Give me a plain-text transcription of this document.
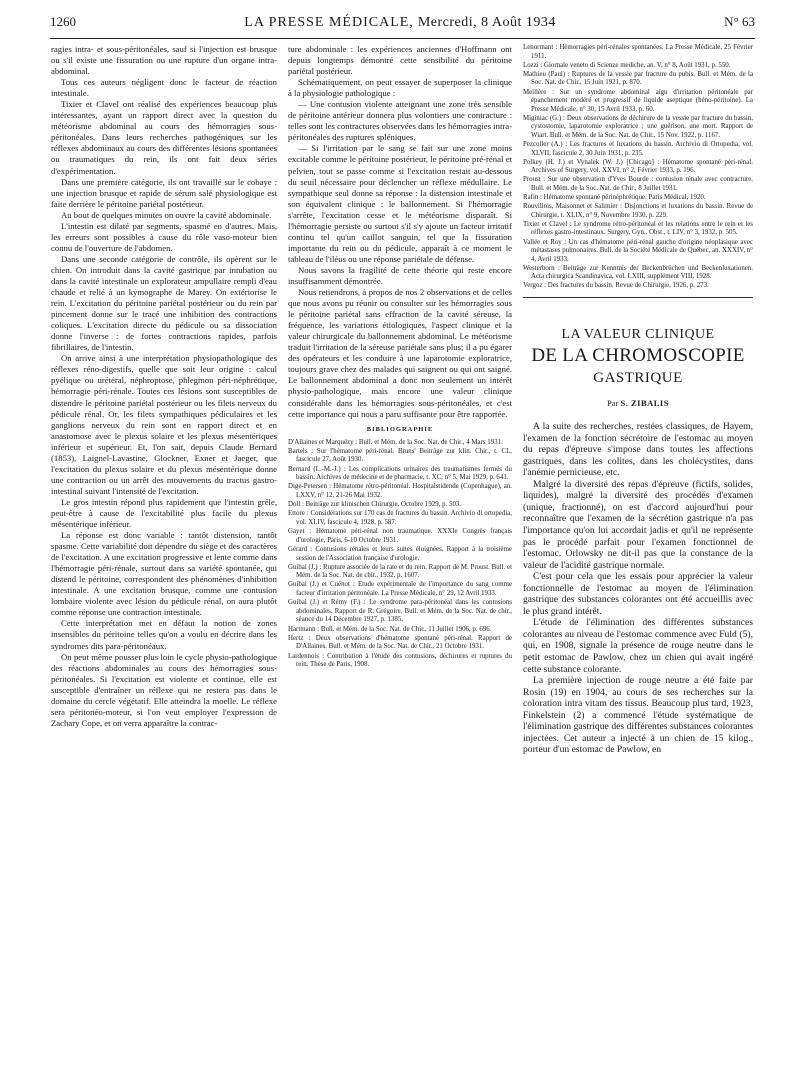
1260	LA PRESSE MÉDICALE, Mercredi, 8 Août 1934	N° 63

ragies intra- et sous-péritonéales, sauf si l'injection est brusque ou s'il existe une fissuration ou une rupture d'un organe intra-abdominal.

Tous ces auteurs négligent donc le facteur de réaction intestinale.

Tixier et Clavel ont réalisé des expériences beaucoup plus intéressantes, ayant un rapport direct avec la question du météorisme abdominal au cours des hémorragies sous-péritonéales. Dans leurs recherches pathogéniques sur les réflexes abdominaux au cours des différentes lésions spontanées ou traumatiques du rein, ils ont fait deux séries d'expérimentation.

Dans une première catégorie, ils ont travaillé sur le cobaye : une injection brusque et rapide de sérum salé physiologique est faite derrière le péritoine pariétal postérieur.

Au bout de quelques minutes on ouvre la cavité abdominale.

L'intestin est dilaté par segments, spasmé en d'autres. Mais, les erreurs sont possibles à cause du rôle vaso-moteur bien connu de l'ouverture de l'abdomen.

Dans une seconde catégorie de contrôle, ils opèrent sur le chien. On introduit dans la cavité gastrique par intubation ou dans la cavité intestinale un explorateur ampullaire rempli d'eau chaude et relié à un kymographe de Marey. On extériorise le rein. L'excitation du péritoine pariétal postérieur ou du rein par pincement donne sur le tracé une inhibition des contractions coliques. L'excitation directe du pédicule ou sa dissociation donne l'inverse : de fortes contractions rapides, parfois fibrillaires, de l'intestin.

On arrive ainsi à une interprétation physiopathologique des réflexes réno-digestifs, quelle que soit leur origine : calcul pyélique ou urétéral, néphroptose, phlegmon péri-néphrétique, hémorragie péri-rénale. Toutes ces lésions sont susceptibles de distendre le péritoine pariétal postérieur ou les filets nerveux du pédicule rénal. Or, les filets sympathiques pédiculaires et les ganglions nerveux du rein sont en rapport direct et en anastomose avec le plexus solaire et les plexus mésentériques inférieur et supérieur. Et, l'on sait, depuis Claude Bernard (1853), Laignel-Lavastine, Glockner, Exner et Jaeger, que l'excitation du plexus solaire et du plexus mésentérique donne une contraction ou un arrêt des mouvements du tractus gastro-intestinal suivant l'intensité de l'excitation.

Le gros intestin répond plus rapidement que l'intestin grêle, peut-être à cause de l'excitabilité plus facile du plexus mésentérique inférieur.

La réponse est donc variable : tantôt distension, tantôt spasme. Cette variabilité doit dépendre du siège et des caractères de l'excitation. A une excitation progressive et lente comme dans l'hémorragie péri-rénale, surtout dans sa variété spontanée, qui distend le péritoine, correspondent des phénomènes d'inhibition intestinale. A une excitation brusque, comme une contusion lombaire violente avec lésion du pédicule rénal, on aura plutôt comme réponse une contraction intestinale.

Cette interprétation met en défaut la notion de zones insensibles du péritoine telles qu'on a voulu en décrire dans les syndromes dits para-péritonéaux.

On peut même pousser plus loin le cycle physio-pathologique des réactions abdominales au cours des hémorragies sous-péritonéales. Si l'excitation est violente et continue, elle est susceptible d'entraîner un réflexe qui ne restera pas dans le domaine du cercle végétatif. Elle atteindra la moelle. Le réflexe sera péritonéo-moteur, si l'on veut employer l'expression de Zachary Cope, et on verra apparaître la contrac-

ture abdominale : les expériences anciennes d'Hoffmann ont depuis longtemps démontré cette sensibilité du péritoine pariétal postérieur.

Schématiquement, on peut essayer de superposer la clinique à la physiologie pathologique :

— Une contusion violente atteignant une zone très sensible de péritoine antérieur donnera plus volontiers une contracture : telles sont les contractures observées dans les hémorragies intra-péritonéales des ruptures spléniques.

— Si l'irritation par le sang se fait sur une zone moins excitable comme le péritoine postérieur, le péritoine pré-rénal et pelvien, tout se passe comme si l'excitation restait au-dessous du seuil nécessaire pour déclencher un réflexe médullaire. Le sympathique seul donne sa réponse : la distension intestinale et son équivalent clinique : le ballonnement. Si l'hémorragie s'arrête, l'excitation cesse et le météorisme disparaît. Si l'hémorragie persiste ou surtout s'il s'y ajoute un facteur irritatif continu tel qu'un caillot sanguin, tel que la fissuration importante du rein ou du pédicule, apparaît à ce moment le tableau de l'iléus ou une réponse pariétale de défense.

Nous savons la fragilité de cette théorie qui reste encore insuffisamment démontrée.

Nous retiendrons, à propos de nos 2 observations et de celles que nous avons pu réunir ou consulter sur les hémorragies sous le péritoine pariétal sans effraction de la cavité séreuse, la fréquence, les variations étiologiques, l'aspect clinique et la valeur chirurgicale du ballonnement abdominal. Le météorisme traduit l'irritation de la séreuse pariétale sans plus; il a pu égarer des opérateurs et les conduire à une laparotomie exploratrice, toujours grave chez des malades qui saignent ou qui ont saigné. Le ballonnement abdominal a donc non seulement un intérêt physio-pathologique, mais encore une valeur clinique considérable dans les hémorragies sous-péritonéales, et c'est cette importance qui nous a paru suffisante pour être rapportée.

BIBLIOGRAPHIE

D'Allaines et Marquézy : Bull. et Mém. de la Soc. Nat. de Chir., 4 Mars 1931.

Bartels : Sur l'hématome péri-rénal. Bruns' Beiträge zur klin. Chir., t. CL, fascicule 27, Août 1930.

Bernard (L.-M.-J.) : Les complications urinaires des traumatismes fermés du bassin. Archives de médecine et de pharmacie, t. XC, n° 5, Mai 1929, p. 641.

Dige-Petersen : Hématome rétro-péritonéal. Hospitalstidende (Copenhague), an. LXXV, n° 12, 21-26 Mai 1932.

Doll : Beiträge zur klinischen Chirurgie, Octobre 1929, p. 503.

Ettore : Considérations sur 170 cas de fractures du bassin. Archivio di ortopedia, vol. XLIV, fascicule 4, 1928, p. 587.

Gayet : Hématome péri-rénal non traumatique. XXXIe Congrès français d'urologie, Paris, 6-10 Octobre 1931.

Gérard : Contusions rénales et leurs suites éloignées. Rapport à la troisième session de l'Association française d'urologie.

Guibal (J.) : Rupture associée de la rate et du rein. Rapport de M. Proust. Bull. et Mém. de la Soc. Nat. de chir., 1932, p. 1607.

Guibal (J.) et Cuénot : Etude expérimentale de l'importance du sang comme facteur d'irritation péritonéale. La Presse Médicale, n° 29, 12 Avril 1933.

Guibal (J.) et Rémy (F.) : Le syndrome para-péritonéal dans les contusions abdominales. Rapport de R. Grégoire. Bull. et Mém. de la Soc. Nat. de chir., séance du 14 Décembre 1927, p. 1385.

Hartmann : Bull. et Mém. de la Soc. Nat. de Chir., 11 Juillet 1906, p. 696.

Hertz : Deux observations d'hématome spontané péri-rénal. Rapport de D'Allaines. Bull. et Mém. de la Soc. Nat. de Chir., 21 Octobre 1931.

Lardennois : Contribution à l'étude des contusions, déchirures et ruptures du rein. Thèse de Paris, 1908.

Lenormant : Hémorragies péri-rénales spontanées. La Presse Médicale, 25 Février 1911.

Lozzi : Giornale veneto di Scienze mediche, an. V, n° 8, Août 1931, p. 550.

Mathieu (Paul) : Ruptures de la vessie par fracture du pubis. Bull. et Mém. de la Soc. Nat. de Chir., 15 Juin 1921, p. 870.

Meillère : Sur un syndrome abdominal aigu d'irritation péritonéale par épanchement modéré et progressif de liquide aseptique (héno-péritoine). La Presse Médicale, n° 30, 15 Avril 1933, p. 60.

Miginiac (G.) : Deux observations de déchirure de la vessie par fracture du bassin, cystostomie, laparotomie exploratrice ; une guérison, une mort. Rapport de Wiart. Bull. et Mém. de la Soc. Nat. de Chir., 15 Nov. 1922, p. 1167.

Pezcoller (A.) : Les fractures et luxations du bassin. Archivio di Ortopedia, vol. XLVII, fascicule 2, 30 Juin 1931, p. 235.

Polkey (H. J.) et Vynalek (W. J.) [Chicago] : Hématome spontané péri-rénal. Archives of Surgery, vol. XXVI, n° 2, Février 1933, p. 196.

Proust : Sur une observation d'Yves Bourde : contusion rénale avec contracture. Bull. et Mém. de la Soc. Nat. de Chir., 8 Juillet 1931.

Rafin : Hématome spontané périnéphrétique. Paris Médical, 1920.

Rouvillois, Maisonnet et Salimier : Disjonctions et luxations du bassin. Revue de Chirurgie, t. XLIX, n° 9, Novembre 1930, p. 229.

Tixier et Clavel : Le syndrome rétro-péritonéal et les relations entre le rein et les réflexes gastro-intestinaux. Surgery, Gyn., Obst., t. LIV, n° 3, 1932, p. 505.

Vallée et Roy : Un cas d'hématome péri-rénal gauche d'origine néoplasique avec métastases pulmonaires. Bull. de la Société Médicale de Québec, an. XXXIV, n° 4, Avril 1933.

Westerborn : Beiträge zur Kenntnis der Beckenbrüchen und Beckenluxationen. Acta chirurgica Scandinavica, vol. LXIII, supplément VIII, 1928.

Vergoz : Des fractures du bassin. Revue de Chirurgie, 1926, p. 273.

LA VALEUR CLINIQUE
DE LA CHROMOSCOPIE
GASTRIQUE
Par S. ZIBALIS

A la suite des recherches, restées classiques, de Hayem, l'examen de la fonction sécrétoire de l'estomac au moyen du repas d'épreuve s'impose dans toutes les affections gastriques, dans les colites, dans les cholécystites, dans l'anémie pernicieuse, etc.

Malgré la diversité des repas d'épreuve (fictifs, solides, liquides), malgré la diversité des procédés d'examen (unique, fractionné), on est d'accord aujourd'hui pour reconnaître que l'examen de la sécrétion gastrique n'a pas l'importance qu'on lui accordait jadis et qu'il ne représente pas le procédé parfait pour l'examen fonctionnel de l'estomac. Orlowsky ne dit-il pas que la constance de la valeur de l'acidité gastrique normale.

C'est pour cela que les essais pour apprécier la valeur fonctionnelle de l'estomac au moyen de l'élimination gastrique des substances colorantes ont été accueillis avec le plus grand intérêt.

L'étude de l'élimination des différentes substances colorantes au niveau de l'estomac commence avec Fuld (5), qui, en 1908, signale la présence de rouge neutre dans le petit estomac de Pawlow, chez un chien qui avait ingéré cette substance colorante.

La première injection de rouge neutre a été faite par Rosin (19) en 1904, au cours de ses recherches sur la coloration intra vitam des tissus. Beaucoup plus tard, 1923, Finkelstein (2) a commencé l'étude systématique de l'élimination gastrique des différentes substances colorantes injectées. Cet auteur a injecté à un chien de 15 kilog., porteur d'un estomac de Pawlow, en
